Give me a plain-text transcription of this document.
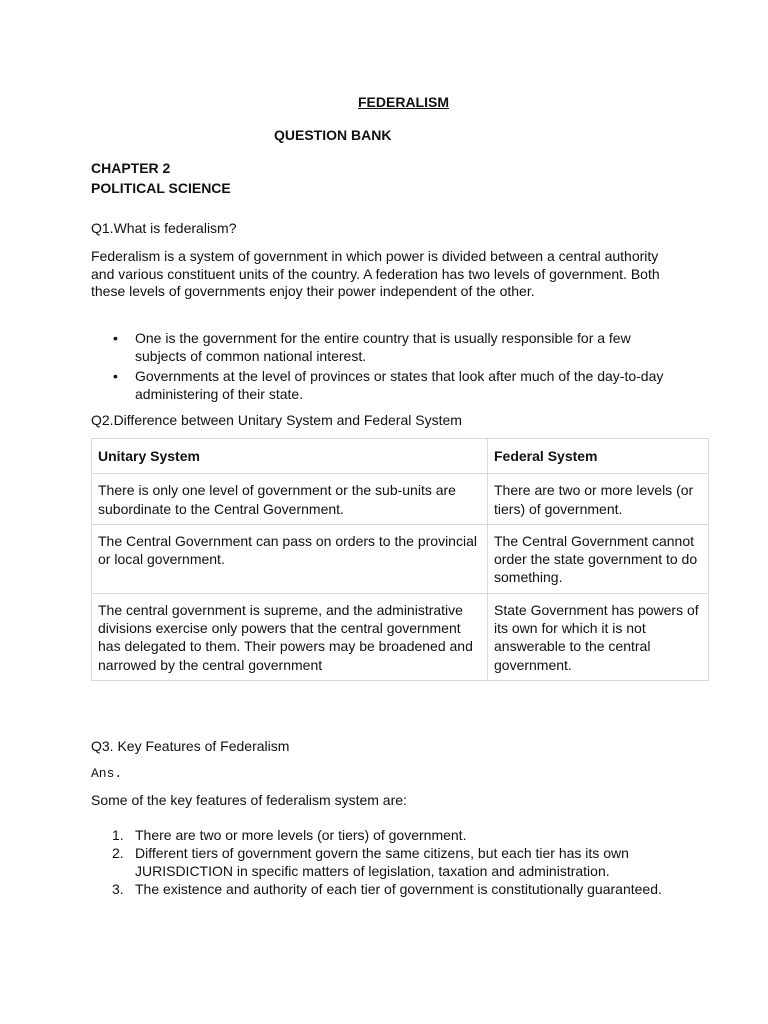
FEDERALISM
QUESTION BANK
CHAPTER 2
POLITICAL SCIENCE
Q1.What is federalism?
Federalism is a system of government in which power is divided between a central authority and various constituent units of the country. A federation has two levels of government. Both these levels of governments enjoy their power independent of the other.
• One is the government for the entire country that is usually responsible for a few subjects of common national interest.
• Governments at the level of provinces or states that look after much of the day-to-day administering of their state.
Q2.Difference between Unitary System and Federal System
Unitary System	Federal System
There is only one level of government or the sub-units are subordinate to the Central Government.	There are two or more levels (or tiers) of government.
The Central Government can pass on orders to the provincial or local government.	The Central Government cannot order the state government to do something.
The central government is supreme, and the administrative divisions exercise only powers that the central government has delegated to them. Their powers may be broadened and narrowed by the central government	State Government has powers of its own for which it is not answerable to the central government.
Q3. Key Features of Federalism
Ans.
Some of the key features of federalism system are:
1. There are two or more levels (or tiers) of government.
2. Different tiers of government govern the same citizens, but each tier has its own JURISDICTION in specific matters of legislation, taxation and administration.
3. The existence and authority of each tier of government is constitutionally guaranteed.
